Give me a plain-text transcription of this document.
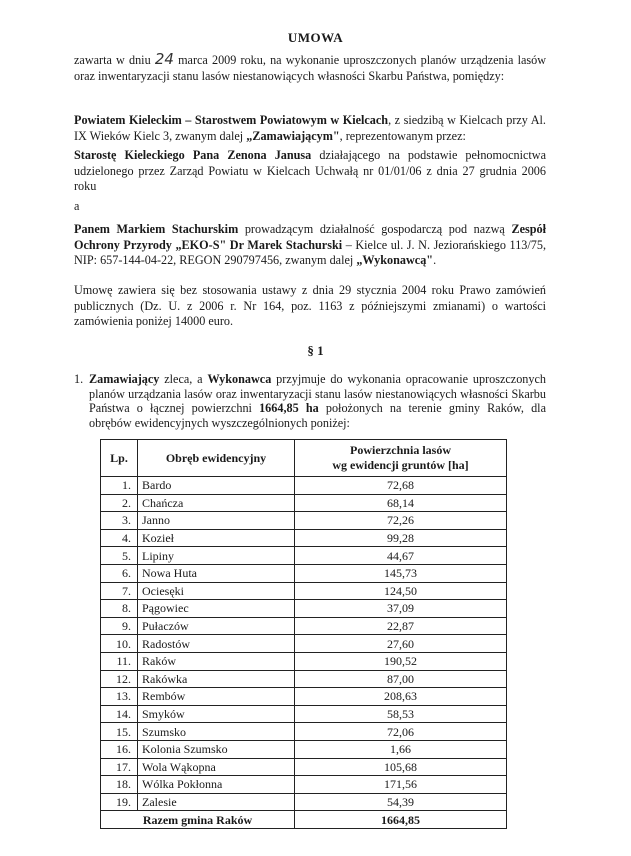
UMOWA
zawarta w dniu 24 marca 2009 roku, na wykonanie uproszczonych planów urządzenia lasów oraz inwentaryzacji stanu lasów niestanowiących własności Skarbu Państwa, pomiędzy:
Powiatem Kieleckim – Starostwem Powiatowym w Kielcach, z siedzibą w Kielcach przy Al. IX Wieków Kielc 3, zwanym dalej „Zamawiającym", reprezentowanym przez:
Starostę Kieleckiego Pana Zenona Janusa działającego na podstawie pełnomocnictwa udzielonego przez Zarząd Powiatu w Kielcach Uchwałą nr 01/01/06 z dnia 27 grudnia 2006 roku
a
Panem Markiem Stachurskim prowadzącym działalność gospodarczą pod nazwą Zespół Ochrony Przyrody „EKO-S" Dr Marek Stachurski – Kielce ul. J. N. Jeziorańskiego 113/75, NIP: 657-144-04-22, REGON 290797456, zwanym dalej „Wykonawcą".
Umowę zawiera się bez stosowania ustawy z dnia 29 stycznia 2004 roku Prawo zamówień publicznych (Dz. U. z 2006 r. Nr 164, poz. 1163 z późniejszymi zmianami) o wartości zamówienia poniżej 14000 euro.
§ 1
1. Zamawiający zleca, a Wykonawca przyjmuje do wykonania opracowanie uproszczonych planów urządzania lasów oraz inwentaryzacji stanu lasów niestanowiących własności Skarbu Państwa o łącznej powierzchni 1664,85 ha położonych na terenie gminy Raków, dla obrębów ewidencyjnych wyszczególnionych poniżej:
Lp.	Obręb ewidencyjny	Powierzchnia lasów
wg ewidencji gruntów [ha]
1.	Bardo	72,68
2.	Chańcza	68,14
3.	Janno	72,26
4.	Kozieł	99,28
5.	Lipiny	44,67
6.	Nowa Huta	145,73
7.	Ociesęki	124,50
8.	Pągowiec	37,09
9.	Pułaczów	22,87
10.	Radostów	27,60
11.	Raków	190,52
12.	Rakówka	87,00
13.	Rembów	208,63
14.	Smyków	58,53
15.	Szumsko	72,06
16.	Kolonia Szumsko	1,66
17.	Wola Wąkopna	105,68
18.	Wólka Pokłonna	171,56
19.	Zalesie	54,39
Razem gmina Raków		1664,85
